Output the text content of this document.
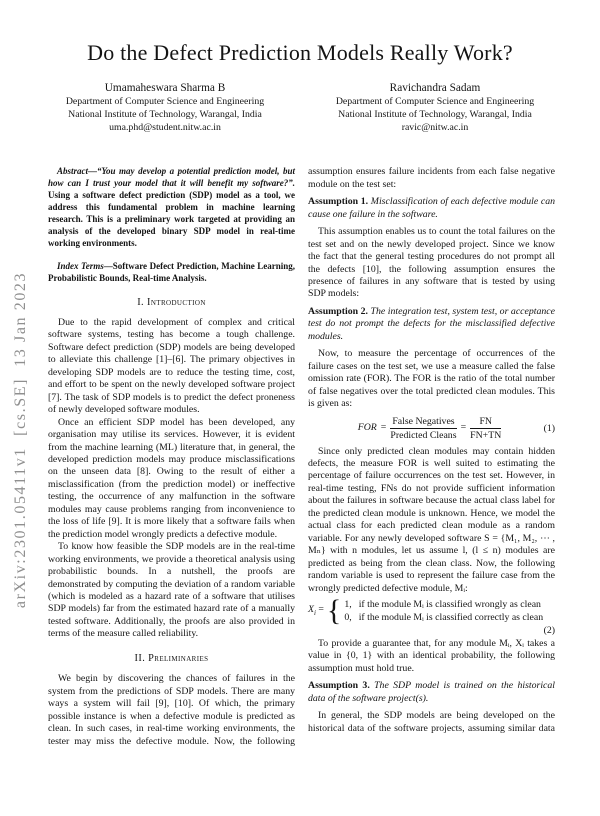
arXiv:2301.05411v1  [cs.SE]  13 Jan 2023
Do the Defect Prediction Models Really Work?
Umamaheswara Sharma B
Department of Computer Science and Engineering
National Institute of Technology, Warangal, India
uma.phd@student.nitw.ac.in
Ravichandra Sadam
Department of Computer Science and Engineering
National Institute of Technology, Warangal, India
ravic@nitw.ac.in

Abstract—“You may develop a potential prediction model, but how can I trust your model that it will benefit my software?”. Using a software defect prediction (SDP) model as a tool, we address this fundamental problem in machine learning research. This is a preliminary work targeted at providing an analysis of the developed binary SDP model in real-time working environments.

Index Terms—Software Defect Prediction, Machine Learning, Probabilistic Bounds, Real-time Analysis.

I. Introduction

Due to the rapid development of complex and critical software systems, testing has become a tough challenge. Software defect prediction (SDP) models are being developed to alleviate this challenge [1]–[6]. The primary objectives in developing SDP models are to reduce the testing time, cost, and effort to be spent on the newly developed software project [7]. The task of SDP models is to predict the defect proneness of newly developed software modules.

Once an efficient SDP model has been developed, any organisation may utilise its services. However, it is evident from the machine learning (ML) literature that, in general, the developed prediction models may produce misclassifications on the unseen data [8]. Owing to the result of either a misclassification (from the prediction model) or ineffective testing, the occurrence of any malfunction in the software modules may cause problems ranging from inconvenience to the loss of life [9]. It is more likely that a software fails when the prediction model wrongly predicts a defective module.

To know how feasible the SDP models are in the real-time working environments, we provide a theoretical analysis using probabilistic bounds. In a nutshell, the proofs are demonstrated by computing the deviation of a random variable (which is modeled as a hazard rate of a software that utilises SDP models) far from the estimated hazard rate of a manually tested software. Additionally, the proofs are also provided in terms of the measure called reliability.

II. Preliminaries

We begin by discovering the chances of failures in the system from the predictions of SDP models. There are many ways a system will fail [9], [10]. Of which, the primary possible instance is when a defective module is predicted as clean. In such cases, in real-time working environments, the tester may miss the defective module. Now, the following

assumption ensures failure incidents from each false negative module on the test set:

Assumption 1. Misclassification of each defective module can cause one failure in the software.

This assumption enables us to count the total failures on the test set and on the newly developed project. Since we know the fact that the general testing procedures do not prompt all the defects [10], the following assumption ensures the presence of failures in any software that is tested by using SDP models:

Assumption 2. The integration test, system test, or acceptance test do not prompt the defects for the misclassified defective modules.

Now, to measure the percentage of occurrences of the failure cases on the test set, we use a measure called the false omission rate (FOR). The FOR is the ratio of the total number of false negatives over the total predicted clean modules. This is given as:

FOR = $\frac{\text{False Negatives}}{\text{Predicted Cleans}} = \frac{FN}{FN+TN}$	(1)

Since only predicted clean modules may contain hidden defects, the measure FOR is well suited to estimating the percentage of failure occurrences on the test set. However, in real-time testing, FNs do not provide sufficient information about the failures in software because the actual class label for the predicted clean module is unknown. Hence, we model the actual class for each predicted clean module as a random variable. For any newly developed software S = {M₁, M₂, ⋯ , Mₙ} with n modules, let us assume l, (l ≤ n) modules are predicted as being from the clean class. Now, the following random variable is used to represent the failure case from the wrongly predicted defective module, Mᵢ:

$X_i$ = { 1, if the module Mᵢ is classified wrongly as clean
0, if the module Mᵢ is classified correctly as clean
(2)

To provide a guarantee that, for any module Mᵢ, Xᵢ takes a value in {0, 1} with an identical probability, the following assumption must hold true.

Assumption 3. The SDP model is trained on the historical data of the software project(s).

In general, the SDP models are being developed on the historical data of the software projects, assuming similar data
